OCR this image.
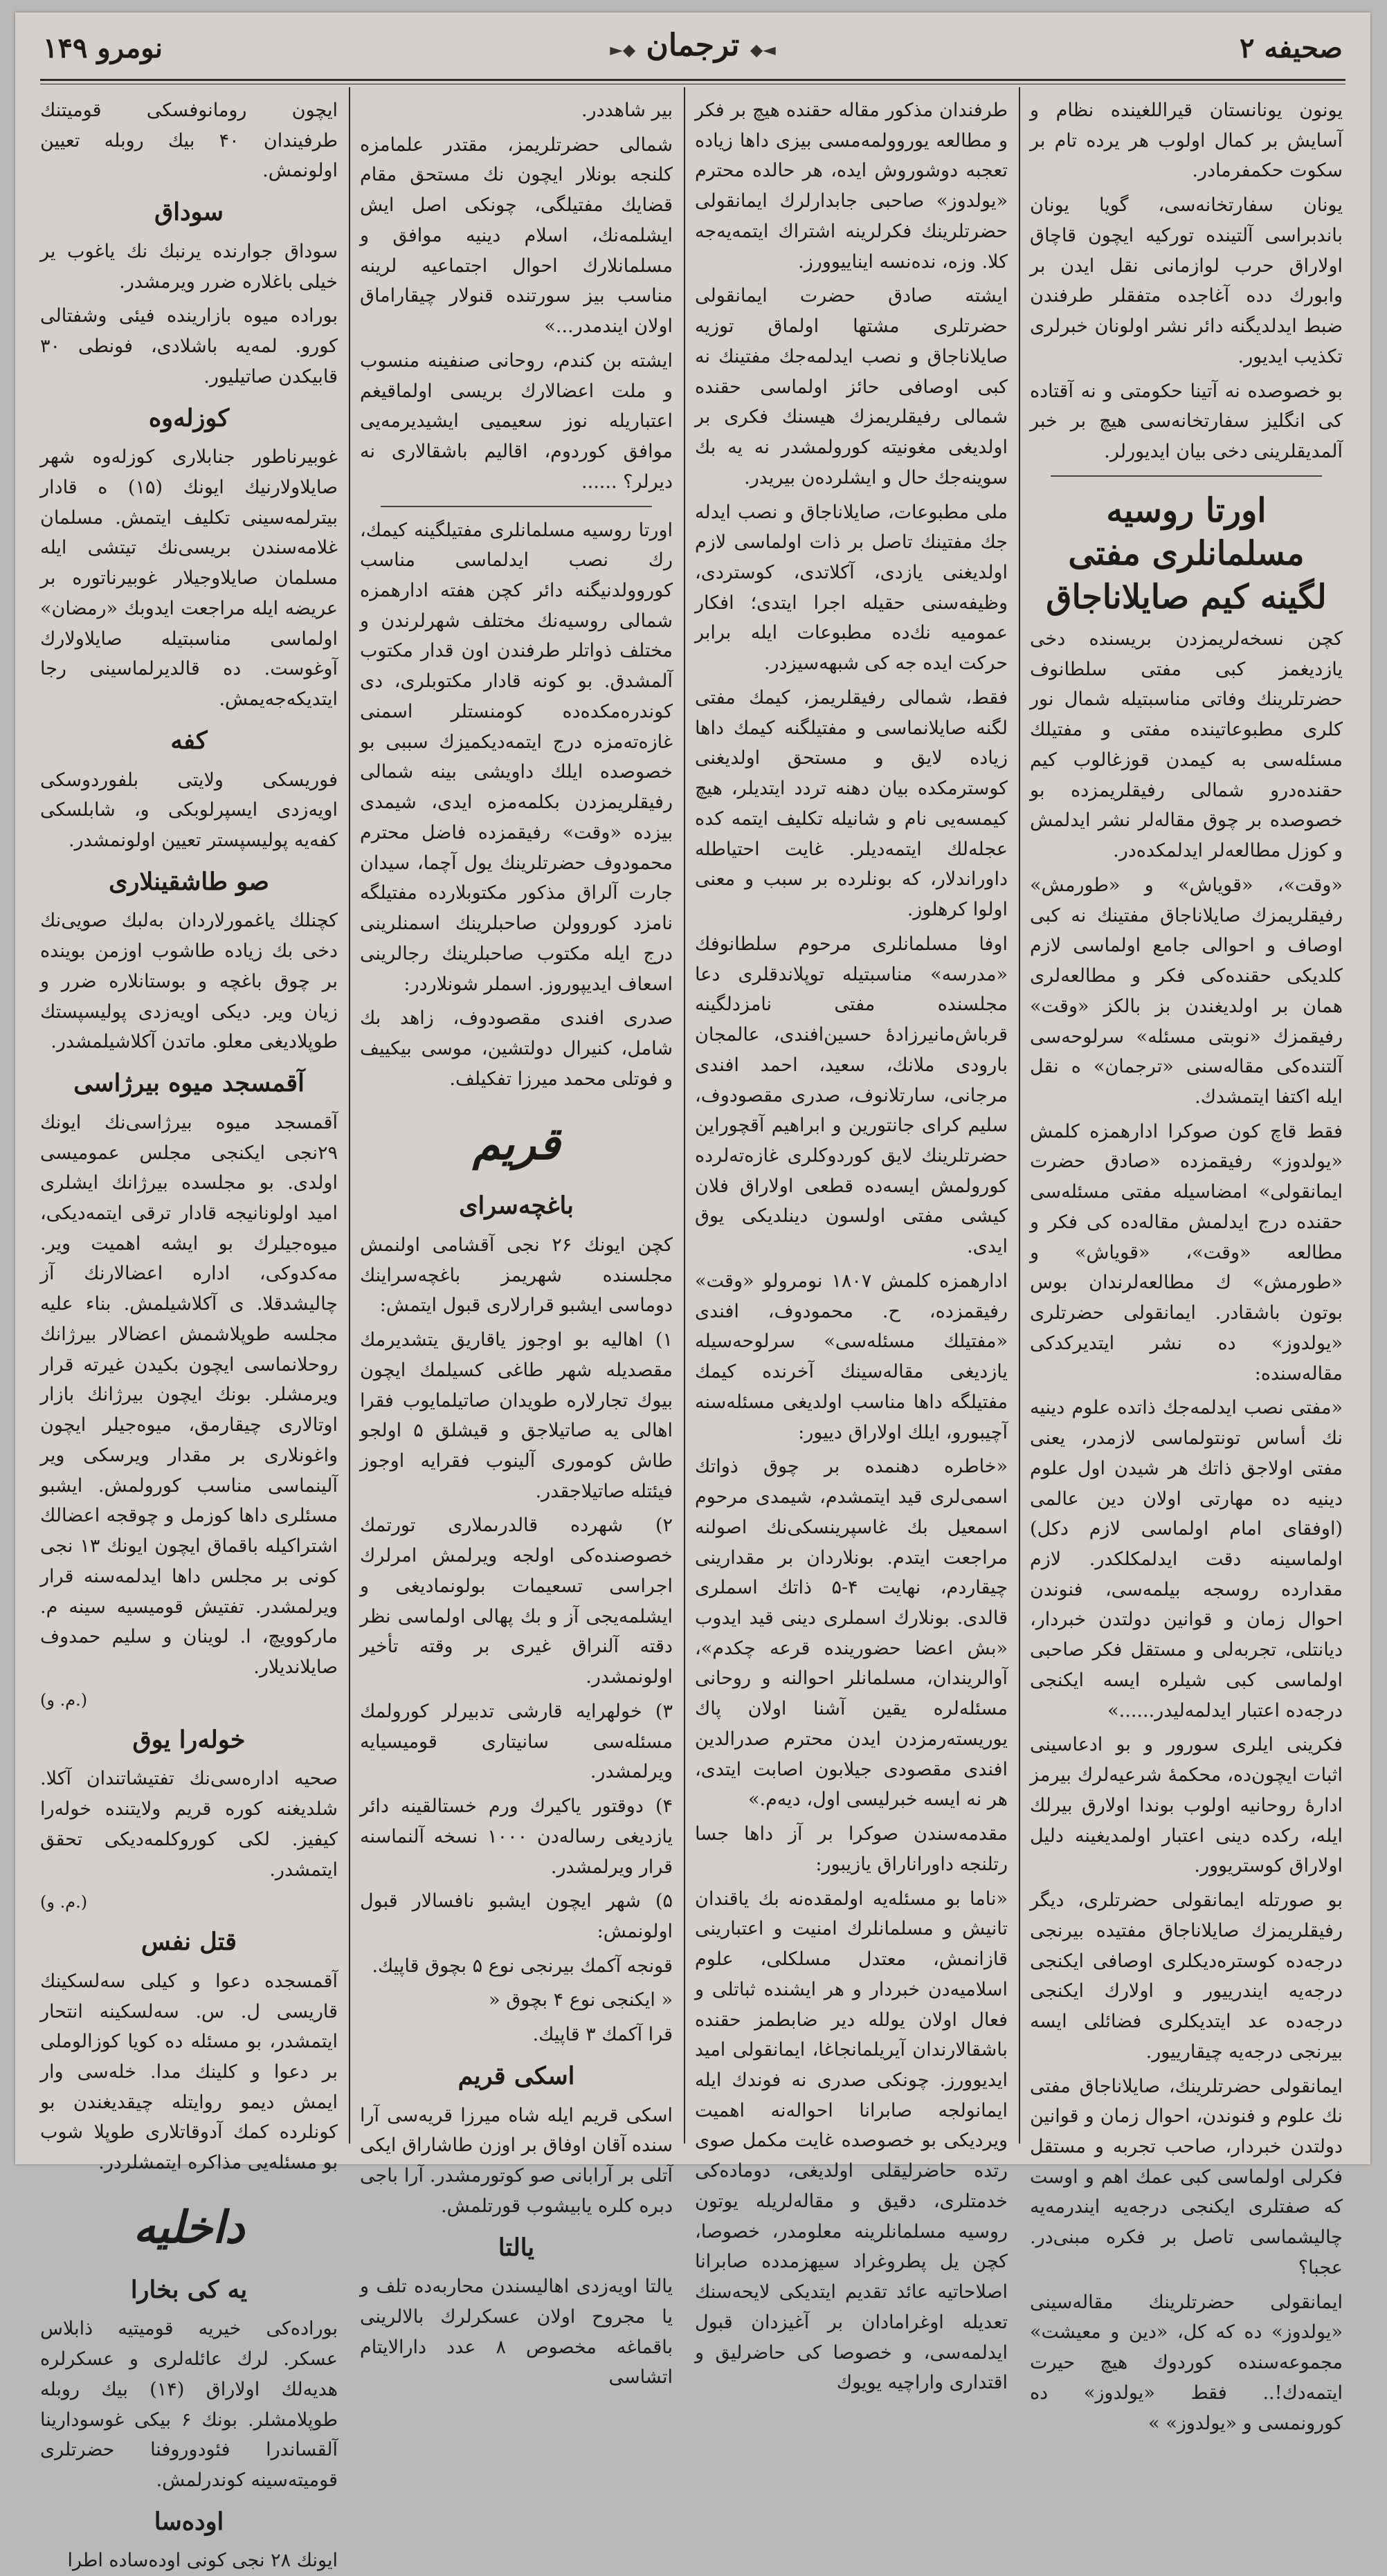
صحیفه ۲
◄◆ ترجمان ◆►
نومرو ۱۴۹

يونون يونانستان قيراللغينده نظام و آسايش بر كمال اولوب هر يرده تام بر سكوت حكمفرمادر.

يونان سفارتخانه‌سى، گويا يونان باندبراسى آلتينده توركيه ايچون قاچاق اولاراق حرب لوازمانى نقل ايدن بر وابورك دده آغاجده متفقلر طرفندن ضبط ايدلديگنه دائر نشر اولونان خبرلرى تكذيب ايديور.

بو خصوصده نه آتينا حكومتى و نه آقتاده كى انگليز سفارتخانه‌سى هيچ بر خبر آلمديقلرينى دخى بيان ايديورلر.

اورتا روسيه مسلمانلرى مفتى لگينه كيم صايلاناجاق

كچن نسخه‌لريمزدن بريسنده دخى يازديغمز كبى مفتى سلطانوف حضرتلرينك وفاتى مناسبتيله شمال نور كلرى مطبوعاتينده مفتى و مفتيلك مسئله‌سى به كيمدن قوزغالوب كيم حقنده‌درو شمالى رفيقلريمزده بو خصوصده بر چوق مقاله‌لر نشر ايدلمش و كوزل مطالعه‌لر ايدلمكده‌در.

«وقت»، «قوياش» و «طورمش» رفيقلريمزك صايلاناجاق مفتينك نه كبى اوصاف و احوالى جامع اولماسى لازم كلديكى حقنده‌كى فكر و مطالعه‌لرى همان بر اولديغندن بز بالكز «وقت» رفيقمزك «نوبتى مسئله» سرلوحه‌سى آلتنده‌كى مقاله‌سنى «ترجمان» ه نقل ايله اكتفا ايتمشدك.

فقط قاچ كون صوكرا ادارهمزه كلمش «يولدوز» رفيقمزده «صادق حضرت ايمانقولى» امضاسيله مفتى مسئله‌سى حقنده درج ايدلمش مقاله‌ده كى فكر و مطالعه «وقت»، «قوياش» و «طورمش» ك مطالعه‌لرندان بوس بوتون باشقادر. ايمانقولى حضرتلرى «يولدوز» ده نشر ايتديركدكى مقاله‌سنده:

«مفتى نصب ايدلمه‌جك ذاتده علوم دينيه نك أساس تونتولماسى لازمدر، يعنى مفتى اولاجق ذاتك هر شيدن اول علوم دينيه ده مهارتى اولان دين عالمى (اوفقاى امام اولماسى لازم دكل) اولماسينه دقت ايدلمكلكدر. لازم مقدارده روسجه بيلمه‌سى، فنوندن احوال زمان و قوانين دولتدن خبردار، ديانتلى، تجربه‌لى و مستقل فكر صاحبى اولماسى كبى شيلره ايسه ايكنجى درجه‌ده اعتبار ايدلمه‌ليدر......»

فكرينى ايلرى سورور و بو ادعاسينى اثبات ايچون‌ده، محكمهٔ شرعيه‌لرك بيرمز ادارهٔ روحانيه اولوب بوندا اولارق بيرلك ايله، ركده دينى اعتبار اولمديغينه دليل اولاراق كوستريوور.

بو صورتله ايمانقولى حضرتلرى، ديگر رفيقلريمزك صايلاناجاق مفتيده بيرنجى درجه‌ده كوستره‌ديكلرى اوصافى ايكنجى درجه‌يه ايندرييور و اولارك ايكنجى درجه‌ده عد ايتديكلرى فضائلى ايسه بيرنجى درجه‌يه چيقارييور.

ايمانقولى حضرتلرينك، صايلاناجاق مفتى نك علوم و فنوندن، احوال زمان و قوانين دولتدن خبردار، صاحب تجربه و مستقل فكرلى اولماسى كبى عمك اهم و اوست كه صفتلرى ايكنجى درجه‌يه ايندرمه‌يه چاليشماسى تاصل بر فكره مبنى‌در. عجبا؟

ايمانقولى حضرتلرينك مقاله‌سينى «يولدوز» ده كه كل، «دين و معيشت» مجموعه‌سنده كوردوك هيچ حيرت ايتمه‌دك!.. فقط «يولدوز» ده كورونمسى و «يولدوز» »

طرفندان مذكور مقاله حقنده هيچ بر فكر و مطالعه يوروولمه‌مسى بيزى داها زياده تعجبه دوشوروش ايده، هر حالده محترم «يولدوز» صاحبى جابدارلرك ايمانقولى حضرتلرينك فكرلرينه اشتراك ايتمه‌يه‌جه كلا. وزه، نده‌نسه ايناييوورز.

ايشته صادق حضرت ايمانقولى حضرتلرى مشتها اولماق توزيه صايلاناجاق و نصب ايدلمه‌جك مفتينك نه كبى اوصافى حائز اولماسى حقنده شمالى رفيقلريمزك هيسنك فكرى بر اولديغى مغونيته كورولمشدر نه يه بك سوينه‌جك حال و ايشلرده‌ن بيريدر.

ملى مطبوعات، صايلاناجاق و نصب ايدله جك مفتينك تاصل بر ذات اولماسى لازم اولديغنى يازدى، آكلاتدى، كوستردى، وظيفه‌سنى حقيله اجرا ايتدى؛ افكار عموميه نك‌ده مطبوعات ايله برابر حركت ايده جه كى شبهه‌سيزدر.

فقط، شمالى رفيقلريمز، كيمك مفتى لگنه صايلانماسى و مفتيلگنه كيمك داها زياده لايق و مستحق اولديغنى كوسترمكده بيان دهنه تردد ايتديلر، هيچ كيمسه‌يى نام و شانيله تكليف ايتمه كده عجله‌لك ايتمه‌ديلر. غايت احتياطله داوراندلار، كه بونلرده بر سبب و معنى اولوا كرهلوز.

اوفا مسلمانلرى مرحوم سلطانوفك «مدرسه» مناسبتيله توپلاندقلرى دعا مجلسنده مفتى نامزدلگينه قرباش‌مانيرزادهٔ حسين‌افندى، عالمجان بارودى ملانك، سعيد، احمد افندى مرجانى، سارتلانوف، صدرى مقصودوف، سليم كراى جانتورين و ابراهيم آقچوراين حضرتلرينك لايق كوردوكلرى غازه‌ته‌لرده كورولمش ايسه‌ده قطعى اولاراق فلان كيشى مفتى اولسون دينلديكى يوق ايدى.

ادارهمزه كلمش ۱۸۰۷ نومرولو «وقت» رفيقمزده، ح. محمودوف، افندى «مفتيلك مسئله‌سى» سرلوحه‌سيله يازديغى مقاله‌سينك آخرنده كيمك مفتيلگه داها مناسب اولديغى مسئله‌سنه آچيبورو، ايلك اولاراق دييور:

«خاطره دهنمده بر چوق ذواتك اسمى‌لرى قيد ايتمشدم، شيمدى مرحوم اسمعيل بك غاسپرينسكى‌نك اصولنه مراجعت ايتدم. بونلاردان بر مقدارينى چيقاردم، نهايت ۴-۵ ذاتك اسملرى قالدى. بونلارك اسملرى دينى قيد ايدوب «بش اعضا حضورينده قرعه چكدم»، آوالريندان، مسلمانلر احوالنه و روحانى مسئله‌لره يقين آشنا اولان پاك يوريسته‌رمزدن ايدن محترم صدرالدين افندى مقصودى جيلابون اصابت ايتدى، هر نه ايسه خبرليسى اول، ديه‌م.»

مقدمه‌سندن صوكرا بر آز داها جسا رتلنجه داوراناراق يازيبور:

«ناما بو مسئله‌يه اولمقده‌نه بك ياقندان تانيش و مسلمانلرك امنيت و اعتبارينى قازانمش، معتدل مسلكلى، علوم اسلاميه‌دن خبردار و هر ايشنده ثباتلى و فعال اولان يولله دير ضابطمز حقنده باشقالارندان آيريلمانجاغا، ايمانقولى اميد ايديوورز. چونكى صدرى نه فوندك ايله ايمانولجه صابرانا احواله‌نه اهميت ويرديكى بو خصوصده غايت مكمل صوى رتده حاضرليقلى اولديغى، دوماده‌كى خدمتلرى، دقيق و مقاله‌لريله يوتون روسيه مسلمانلرينه معلومدر، خصوصا، كچن يل پطروغراد سيهزمدده صابرانا اصلاحاتيه عائد تقديم ايتديكى لايحه‌سنك تعديله اوغرامادان بر آغيزدان قبول ايدلمه‌سى، و خصوصا كى حاضرليق و اقتدارى واراچيه يويوك

بير شاهددر.

شمالى حضرتلريمز، مقتدر علمامزه كلنجه بونلار ايچون نك مستحق مقام قضايك مفتيلگى، چونكى اصل ايش ايشلمه‌نك، اسلام دينيه موافق و مسلمانلارك احوال اجتماعيه لرينه مناسب بيز سورتنده قنولار چيقاراماق اولان ايندمدر...»

ايشته بن كندم، روحانى صنفينه منسوب و ملت اعضالارك بريسى اولماقيغم اعتباريله نوز سعيميى ايشيديرمه‌يى موافق كوردوم، اقاليم باشقالارى نه ديرلر؟ ......

اورتا روسيه مسلمانلرى مفتيلگينه كيمك، رك نصب ايدلماسى مناسب كوروولدنيگنه دائر كچن هفته ادارهمزه شمالى روسيه‌نك مختلف شهرلرندن و مختلف ذواتلر طرفندن اون قدار مكتوب آلمشدق. بو كونه قادار مكتوبلرى، دى كوندره‌مكده‌ده كومنستلر اسمنى غازه‌ته‌مزه درج ايتمه‌ديكميزك سببى بو خصوصده ايلك داويشى بينه شمالى رفيقلريمزدن بكلمه‌مزه ايدى، شيمدى بيزده «وقت» رفيقمزده فاضل محترم محمودوف حضرتلرينك يول آچما، سيدان جارت آلراق مذكور مكتوبلارده مفتيلگه نامزد كوروولن صاحبلرينك اسمنلرينى درج ايله مكتوب صاحبلرينك رجالرينى اسعاف ايديپوروز. اسملر شونلاردر:

صدرى افندى مقصودوف، زاهد بك شامل، كنيرال دولتشين، موسى بيكييف و فوتلى محمد ميرزا تفكيلف.

قريم
باغچه‌سراى

كچن ايونك ۲۶ نجى آقشامى اولنمش مجلسنده شهريمز باغچه‌سراينك دوماسى ايشبو قرارلارى قبول ايتمش:

۱) اهاليه بو اوجوز ياقاريق يتشديرمك مقصديله شهر طاغى كسيلمك ايچون بيوك تجارلاره طويدان صاتيلمايوب فقرا اهالى يه صاتيلاجق و قيشلق ۵ اولجو طاش كومورى آلينوب فقرايه اوجوز فيئتله صاتيلاجقدر.

۲) شهرده قالدرىملارى تورتمك خصوصنده‌كى اولجه ويرلمش امرلرك اجراسى تسعيمات بولونماديغى و ايشلمه‌يجى آز و بك پهالى اولماسى نظر دقته آلنراق غيرى بر وقته تأخير اولونمشدر.

۳) خولهرايه قارشى تدبيرلر كورولمك مسئله‌سى سانيتارى قوميسيايه ويرلمشدر.

۴) دوقتور ياكيرك ورم خستالقينه دائر يازديغى رساله‌دن ۱۰۰۰ نسخه آلنماسنه قرار ويرلمشدر.

۵) شهر ايچون ايشبو نافسالار قبول اولونمش:

قونجه آكمك بيرنجى نوع ۵ بچوق قاپيك.

« ايكنجى نوع ۴ بچوق «

قرا آكمك ۳ قاپيك.

اسكى قريم

اسكى قريم ايله شاه ميرزا قريه‌سى آرا سنده آقان اوفاق بر اوزن طاشاراق ايكى آتلى بر آرابانى صو كوتورمشدر. آرا باجى دبره كلره يابيشوب قورتلمش.

يالتا

يالتا اويه‌زدى اهاليسندن محاربه‌ده تلف و يا مجروح اولان عسكرلرك بالالرينى باقماغه مخصوص ۸ عدد دارالايتام اتشاسى

ايچون رومانوفسكى قوميتنك طرفيندان ۴۰ بيك روبله تعيين اولونمش.

سوداق

سوداق جوارنده يرنبك نك ياغوب ير خيلى باغلاره ضرر ويرمشدر.

بوراده ميوه بازارينده فيئى وشفتالى كورو. لمه‌يه باشلادى، فونطى ۳۰ قابيكدن صاتيليور.

كوزله‌وه

غوبيرناطور جنابلارى كوزله‌وه شهر صايلاولارنيك ايونك (۱۵) ه قادار بيترلمه‌سينى تكليف ايتمش. مسلمان غلامه‌سندن بريسى‌نك تيتشى ايله مسلمان صايلاوجيلار غوبيرناتوره بر عريضه ايله مراجعت ايدوبك «رمضان» اولماسى مناسبتيله صايلاولارك آوغوست. ده قالديرلماسينى رجا ايتديكه‌جه‌يمش.

كفه

فوريسكى ولايتى بلفوردوسكى اويه‌زدى ايسپرلوبكى و، شابلسكى كفه‌يه پوليسپستر تعيين اولونمشدر.

صو طاشقينلارى

كچنلك ياغمورلاردان بەلبك صويى‌نك دخى بك زياده طاشوب اوزمن بوينده بر چوق باغچه و بوستانلاره ضرر و زيان وير. ديكى اويه‌زدى پوليسپستك طوپلاديغى معلو. ماتدن آكلاشيلمشدر.

آقمسجد ميوه بيرژاسى

آقمسجد ميوه بيرژاسى‌نك ايونك ۲۹نجى ايكنجى مجلس عموميسى اولدى. بو مجلسده بيرژانك ايشلرى اميد اولونانيجه قادار ترقى ايتمه‌ديكى، ميوه‌جيلرك بو ايشه اهميت وير. مه‌كدوكى، اداره اعضالارنك آز چاليشدقلا. ى آكلاشيلمش. بناء عليه مجلسه طوپلاشمش اعضالار بيرژانك روحلانماسى ايچون بكيدن غيرته قرار ويرمشلر. بونك ايچون بيرژانك بازار اوتالارى چيقارمق، ميوه‌جيلر ايچون واغونلارى بر مقدار ويرسكى وير آلينماسى مناسب كورولمش. ايشبو مسئلرى داها كوزمل و چوقجه اعضالك اشتراكيله باقماق ايچون ايونك ۱۳ نجى كونى بر مجلس داها ايدلمه‌سنه قرار ويرلمشدر. تفتيش قوميسيه سينه م. ماركوويچ، ا. لوينان و سليم حمدوف صايلانديلار.

(م. و.)

خوله‌را يوق

صحيه اداره‌سى‌نك تفتيشاتندان آكلا. شلديغنه كوره قريم ولايتنده خوله‌را كيفيز. لكى كوروكلمه‌ديكى تحقق ايتمشدر.

(م. و.)

قتل نفس

آقمسجده دعوا و كيلى سەلسكينك قاريسى ل. س. سەلسكينه انتحار ايتمشدر، بو مسئله ده كويا كوزالوملى بر دعوا و كلينك مدا. خله‌سى وار ايمش ديمو روايتله چيقديغندن بو كونلرده كمك آدوقاتلارى طوپلا شوب بو مسئله‌يى مذاكره ايتمشلردر.

داخليه
يه كى بخارا

بوراده‌كى خيريه قوميتيه ذابلاس عسكر. لرك عائله‌لرى و عسكرلره هديه‌لك اولاراق (۱۴) بيك روبله طوپلامشلر. بونك ۶ بيكى غوسودارينا آلقساندرا فئودوروفنا حضرتلرى قوميته‌سينه كوندرلمش.

اوده‌سا

ايونك ۲۸ نجى كونى اوده‌ساده اطرا
